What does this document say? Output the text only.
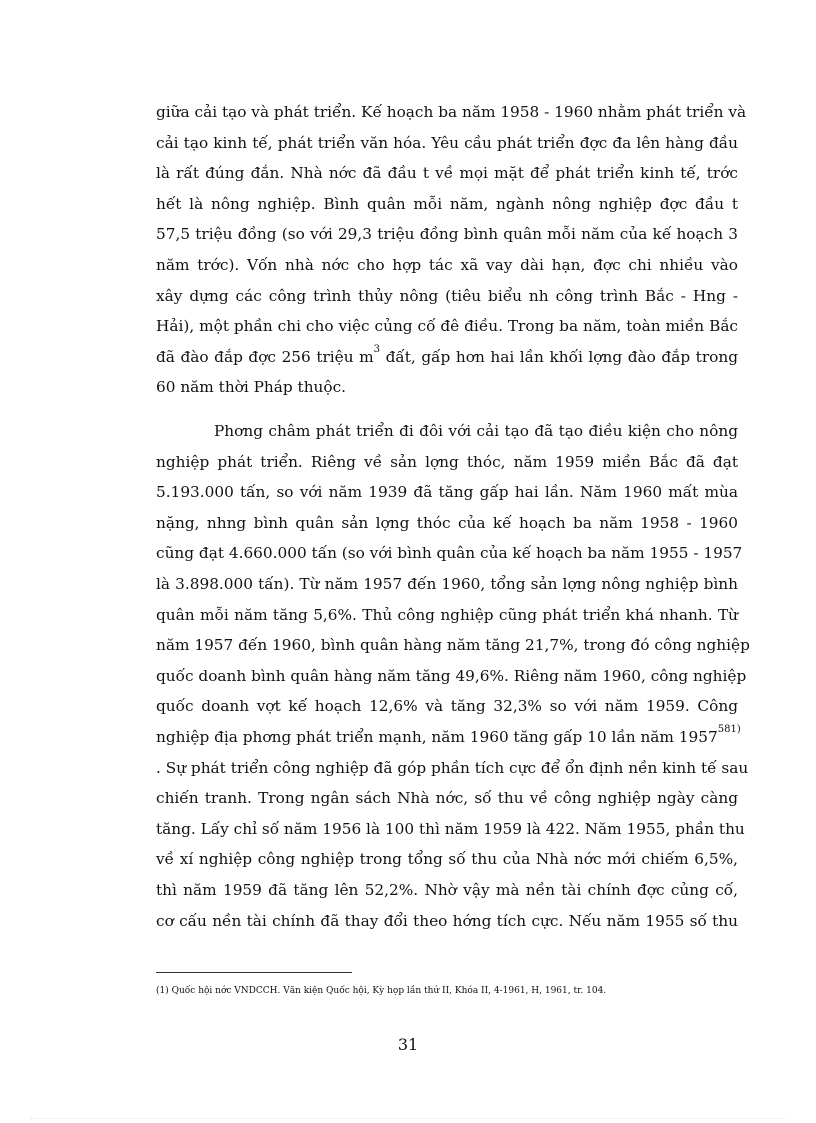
giữa cải tạo và phát triển. Kế hoạch ba năm 1958 - 1960 nhằm phát triển và
cải tạo kinh tế, phát triển văn hóa. Yêu cầu phát triển đợc đa lên hàng đầu
là rất đúng đắn. Nhà nớc đã đầu t về mọi mặt để phát triển kinh tế, trớc
hết là nông nghiệp. Bình quân mỗi năm, ngành nông nghiệp đợc đầu t
57,5 triệu đồng (so với 29,3 triệu đồng bình quân mỗi năm của kế hoạch 3
năm trớc). Vốn nhà nớc cho hợp tác xã vay dài hạn, đợc chi nhiều vào
xây dựng các công trình thủy nông (tiêu biểu nh công trình Bắc - Hng -
Hải), một phần chi cho việc củng cố đê điều. Trong ba năm, toàn miền Bắc
đã đào đắp đợc 256 triệu $m^3$ đất, gấp hơn hai lần khối lợng đào đắp trong
60 năm thời Pháp thuộc.
Phơng châm phát triển đi đôi với cải tạo đã tạo điều kiện cho nông
nghiệp phát triển. Riêng về sản lợng thóc, năm 1959 miền Bắc đã đạt
5.193.000 tấn, so với năm 1939 đã tăng gấp hai lần. Năm 1960 mất mùa
nặng, nhng bình quân sản lợng thóc của kế hoạch ba năm 1958 - 1960
cũng đạt 4.660.000 tấn (so với bình quân của kế hoạch ba năm 1955 - 1957
là 3.898.000 tấn). Từ năm 1957 đến 1960, tổng sản lợng nông nghiệp bình
quân mỗi năm tăng 5,6%. Thủ công nghiệp cũng phát triển khá nhanh. Từ
năm 1957 đến 1960, bình quân hàng năm tăng 21,7%, trong đó công nghiệp
quốc doanh bình quân hàng năm tăng 49,6%. Riêng năm 1960, công nghiệp
quốc doanh vợt kế hoạch 12,6% và tăng 32,3% so với năm 1959. Công
nghiệp địa phơng phát triển mạnh, năm 1960 tăng gấp 10 lần năm 1957$^{581)}$
. Sự phát triển công nghiệp đã góp phần tích cực để ổn định nền kinh tế sau
chiến tranh. Trong ngân sách Nhà nớc, số thu về công nghiệp ngày càng
tăng. Lấy chỉ số năm 1956 là 100 thì năm 1959 là 422. Năm 1955, phần thu
về xí nghiệp công nghiệp trong tổng số thu của Nhà nớc mới chiếm 6,5%,
thì năm 1959 đã tăng lên 52,2%. Nhờ vậy mà nền tài chính đợc củng cố,
cơ cấu nền tài chính đã thay đổi theo hớng tích cực. Nếu năm 1955 số thu
(1) Quốc hội nớc VNDCCH. Văn kiện Quốc hội, Kỳ họp lần thứ II, Khóa II, 4-1961, H, 1961, tr. 104.
31
